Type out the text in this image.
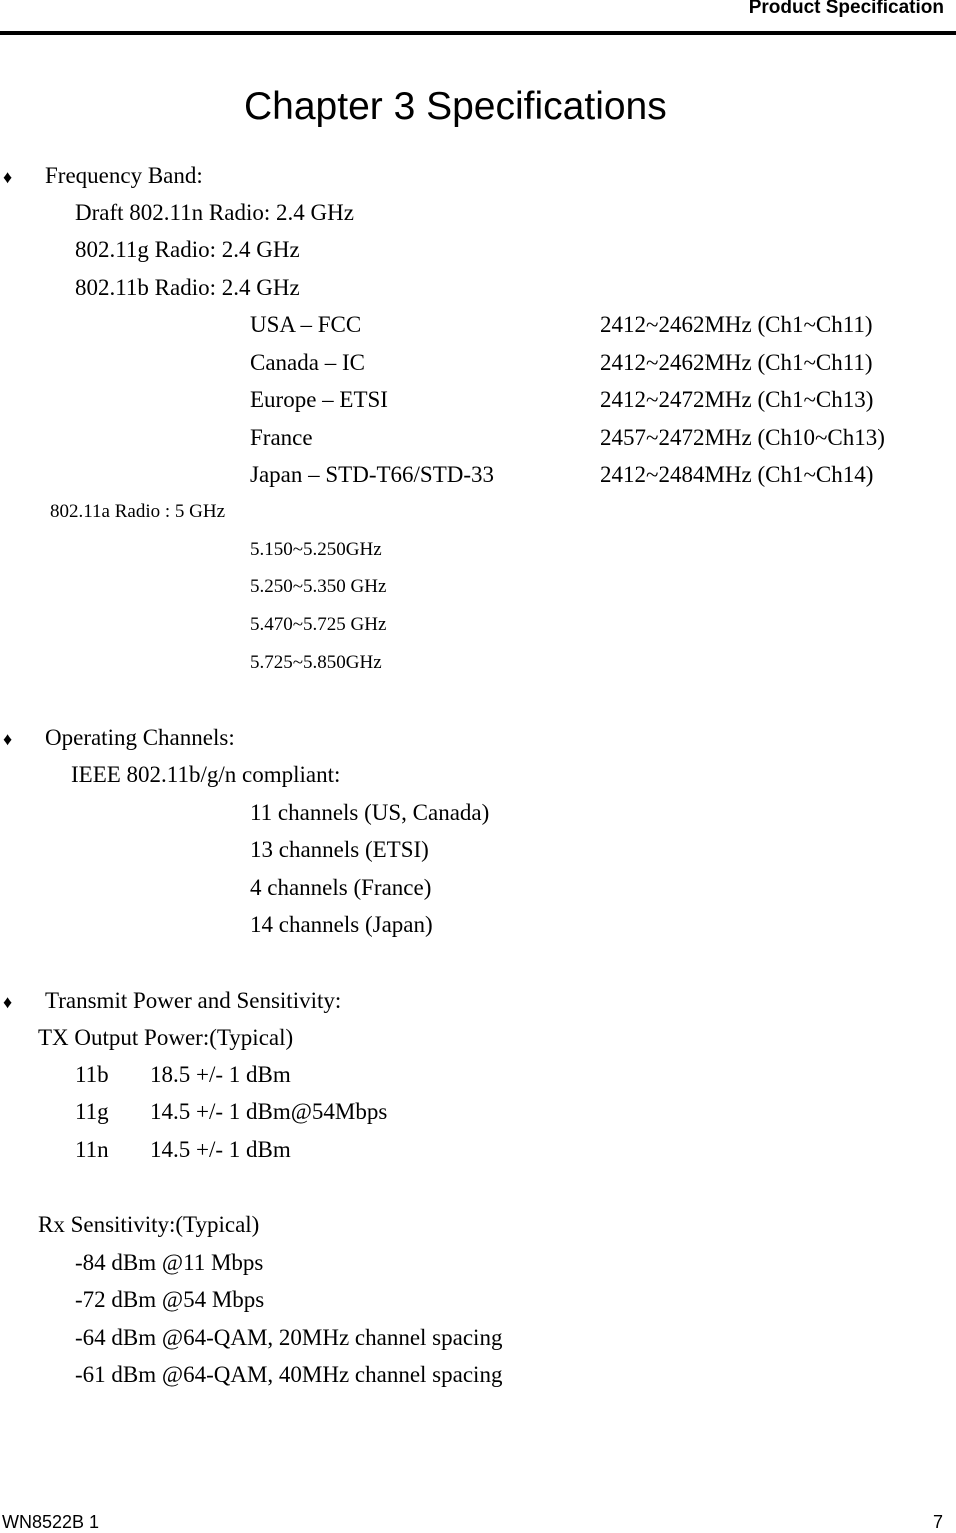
Product Specification
Chapter 3 Specifications
♦ Frequency Band:
Draft 802.11n Radio: 2.4 GHz
802.11g Radio: 2.4 GHz
802.11b Radio: 2.4 GHz
USA – FCC	2412~2462MHz (Ch1~Ch11)
Canada – IC	2412~2462MHz (Ch1~Ch11)
Europe – ETSI	2412~2472MHz (Ch1~Ch13)
France	2457~2472MHz (Ch10~Ch13)
Japan – STD-T66/STD-33	2412~2484MHz (Ch1~Ch14)
802.11a Radio : 5 GHz
5.150~5.250GHz
5.250~5.350 GHz
5.470~5.725 GHz
5.725~5.850GHz
♦ Operating Channels:
IEEE 802.11b/g/n compliant:
11 channels (US, Canada)
13 channels (ETSI)
4 channels (France)
14 channels (Japan)
♦ Transmit Power and Sensitivity:
TX Output Power:(Typical)
11b 18.5 +/- 1 dBm
11g 14.5 +/- 1 dBm@54Mbps
11n 14.5 +/- 1 dBm
Rx Sensitivity:(Typical)
-84 dBm @11 Mbps
-72 dBm @54 Mbps
-64 dBm @64-QAM, 20MHz channel spacing
-61 dBm @64-QAM, 40MHz channel spacing
WN8522B 1	7
